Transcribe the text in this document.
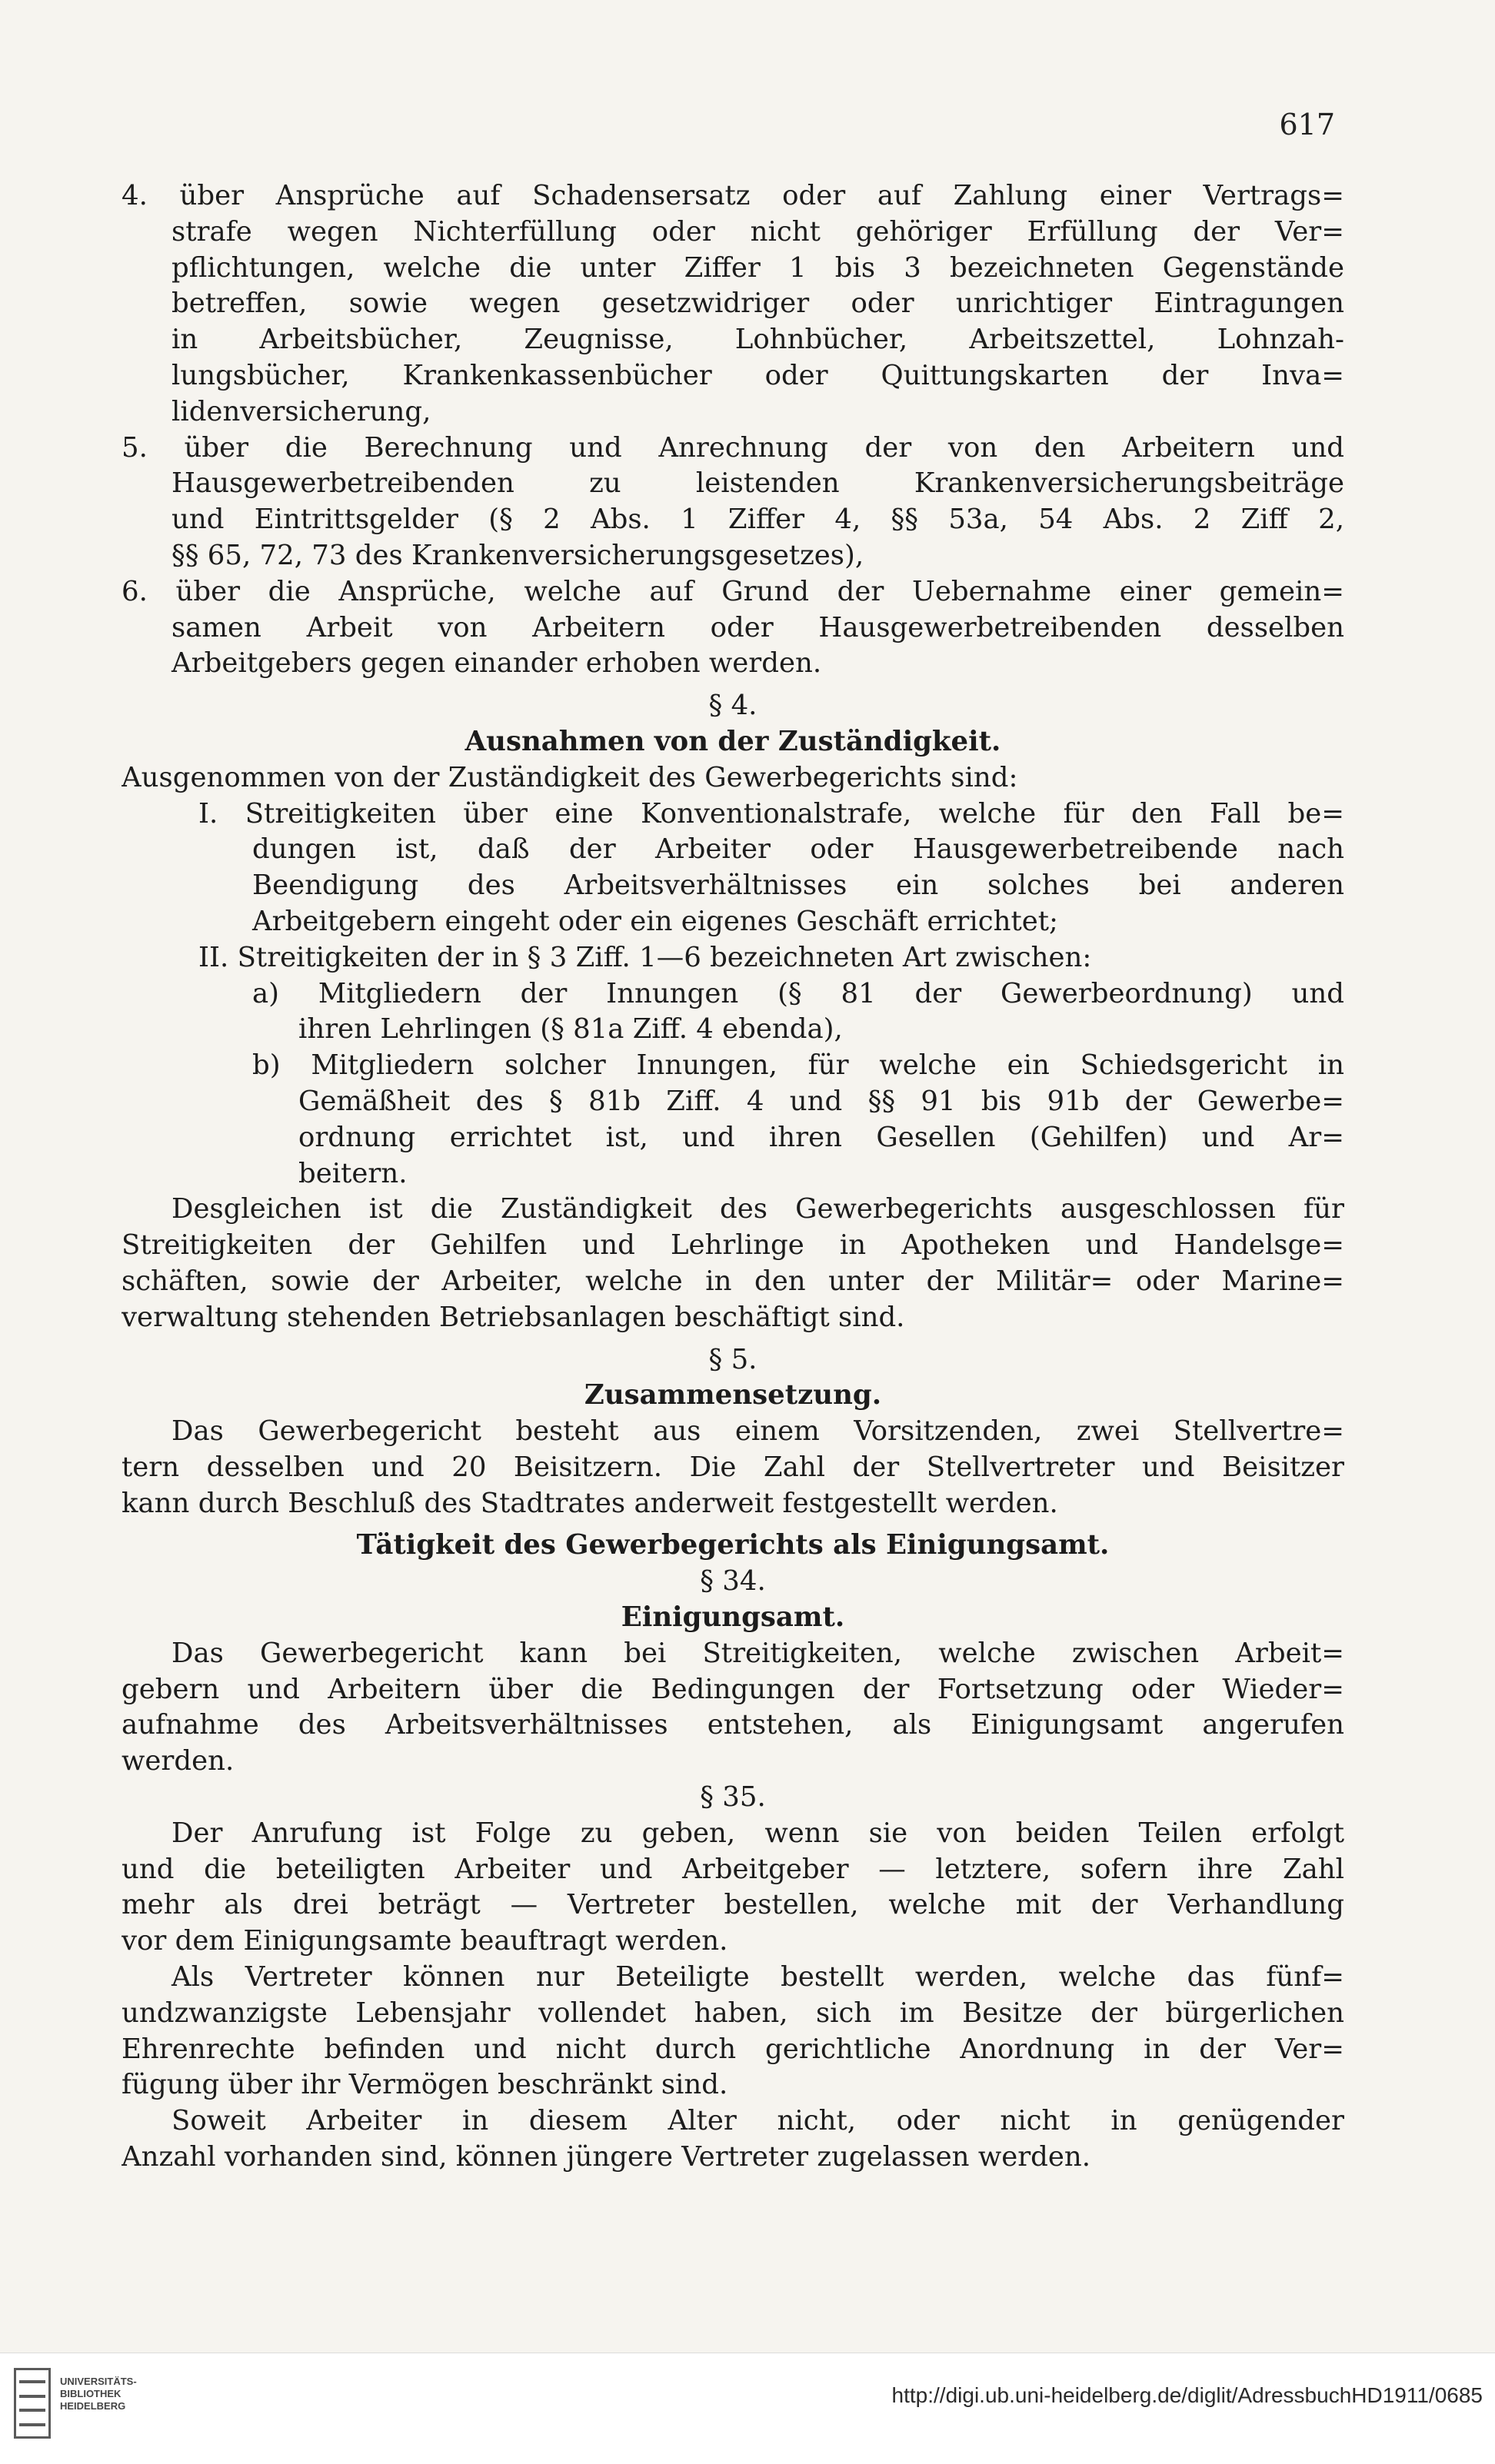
617
4. über Ansprüche auf Schadensersatz oder auf Zahlung einer Vertrags=
strafe wegen Nichterfüllung oder nicht gehöriger Erfüllung der Ver=
pflichtungen, welche die unter Ziffer 1 bis 3 bezeichneten Gegenstände
betreffen, sowie wegen gesetzwidriger oder unrichtiger Eintragungen
in Arbeitsbücher, Zeugnisse, Lohnbücher, Arbeitszettel, Lohnzah-
lungsbücher, Krankenkassenbücher oder Quittungskarten der Inva=
lidenversicherung,
5. über die Berechnung und Anrechnung der von den Arbeitern und
Hausgewerbetreibenden zu leistenden Krankenversicherungsbeiträge
und Eintrittsgelder (§ 2 Abs. 1 Ziffer 4, §§ 53a, 54 Abs. 2 Ziff 2,
§§ 65, 72, 73 des Krankenversicherungsgesetzes),
6. über die Ansprüche, welche auf Grund der Uebernahme einer gemein=
samen Arbeit von Arbeitern oder Hausgewerbetreibenden desselben
Arbeitgebers gegen einander erhoben werden.
§ 4.
Ausnahmen von der Zuständigkeit.
Ausgenommen von der Zuständigkeit des Gewerbegerichts sind:
I. Streitigkeiten über eine Konventionalstrafe, welche für den Fall be=
dungen ist, daß der Arbeiter oder Hausgewerbetreibende nach
Beendigung des Arbeitsverhältnisses ein solches bei anderen
Arbeitgebern eingeht oder ein eigenes Geschäft errichtet;
II. Streitigkeiten der in § 3 Ziff. 1—6 bezeichneten Art zwischen:
a) Mitgliedern der Innungen (§ 81 der Gewerbeordnung) und
ihren Lehrlingen (§ 81a Ziff. 4 ebenda),
b) Mitgliedern solcher Innungen, für welche ein Schiedsgericht in
Gemäßheit des § 81b Ziff. 4 und §§ 91 bis 91b der Gewerbe=
ordnung errichtet ist, und ihren Gesellen (Gehilfen) und Ar=
beitern.
Desgleichen ist die Zuständigkeit des Gewerbegerichts ausgeschlossen für
Streitigkeiten der Gehilfen und Lehrlinge in Apotheken und Handelsge=
schäften, sowie der Arbeiter, welche in den unter der Militär= oder Marine=
verwaltung stehenden Betriebsanlagen beschäftigt sind.
§ 5.
Zusammensetzung.
Das Gewerbegericht besteht aus einem Vorsitzenden, zwei Stellvertre=
tern desselben und 20 Beisitzern. Die Zahl der Stellvertreter und Beisitzer
kann durch Beschluß des Stadtrates anderweit festgestellt werden.
Tätigkeit des Gewerbegerichts als Einigungsamt.
§ 34.
Einigungsamt.
Das Gewerbegericht kann bei Streitigkeiten, welche zwischen Arbeit=
gebern und Arbeitern über die Bedingungen der Fortsetzung oder Wieder=
aufnahme des Arbeitsverhältnisses entstehen, als Einigungsamt angerufen
werden.
§ 35.
Der Anrufung ist Folge zu geben, wenn sie von beiden Teilen erfolgt
und die beteiligten Arbeiter und Arbeitgeber — letztere, sofern ihre Zahl
mehr als drei beträgt — Vertreter bestellen, welche mit der Verhandlung
vor dem Einigungsamte beauftragt werden.
Als Vertreter können nur Beteiligte bestellt werden, welche das fünf=
undzwanzigste Lebensjahr vollendet haben, sich im Besitze der bürgerlichen
Ehrenrechte befinden und nicht durch gerichtliche Anordnung in der Ver=
fügung über ihr Vermögen beschränkt sind.
Soweit Arbeiter in diesem Alter nicht, oder nicht in genügender
Anzahl vorhanden sind, können jüngere Vertreter zugelassen werden.
UNIVERSITÄTS-
BIBLIOTHEK
HEIDELBERG	http://digi.ub.uni-heidelberg.de/diglit/AdressbuchHD1911/0685
